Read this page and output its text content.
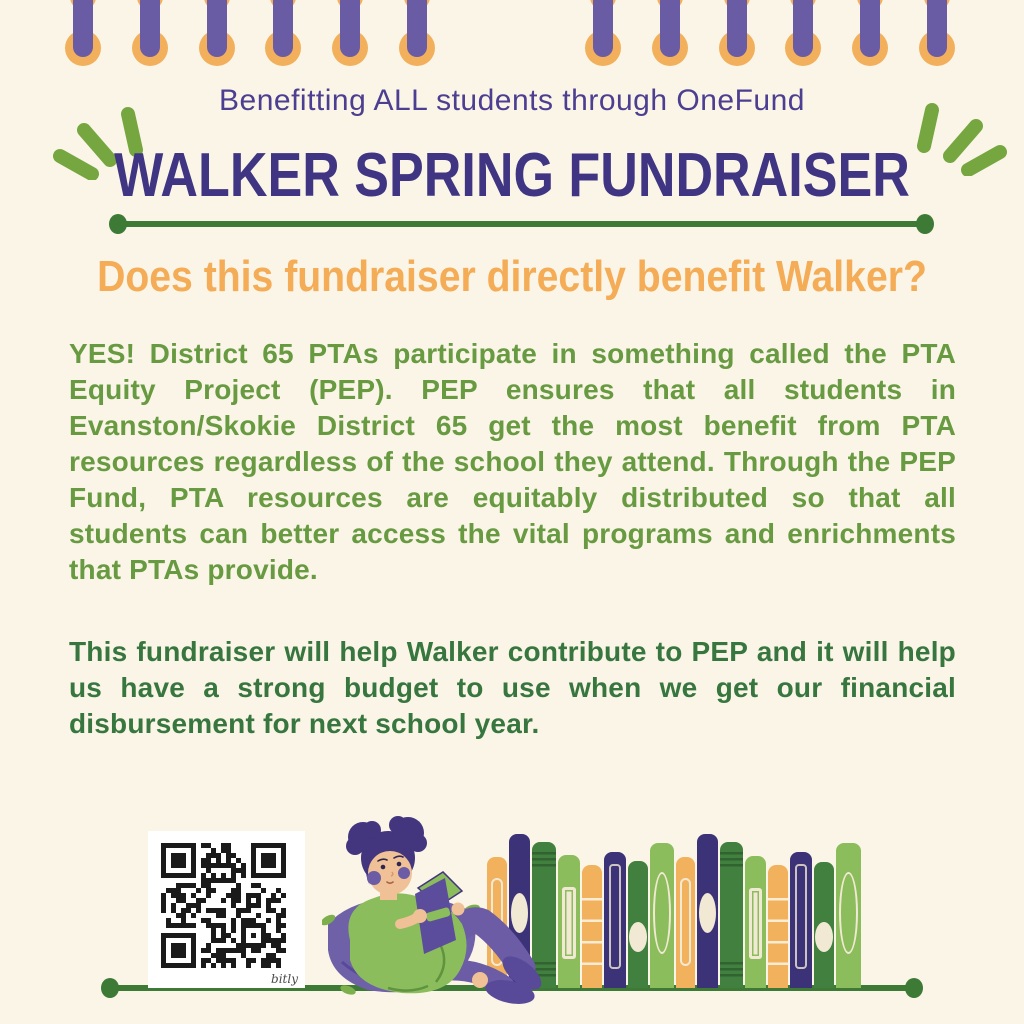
Benefitting ALL students through OneFund
WALKER SPRING FUNDRAISER
Does this fundraiser directly benefit Walker?
YES! District 65 PTAs participate in something called the PTA Equity Project (PEP). PEP ensures that all students in Evanston/Skokie District 65 get the most benefit from PTA resources regardless of the school they attend. Through the PEP Fund, PTA resources are equitably distributed so that all students can better access the vital programs and enrichments that PTAs provide.
This fundraiser will help Walker contribute to PEP and it will help us have a strong budget to use when we get our financial disbursement for next school year.
bitly
